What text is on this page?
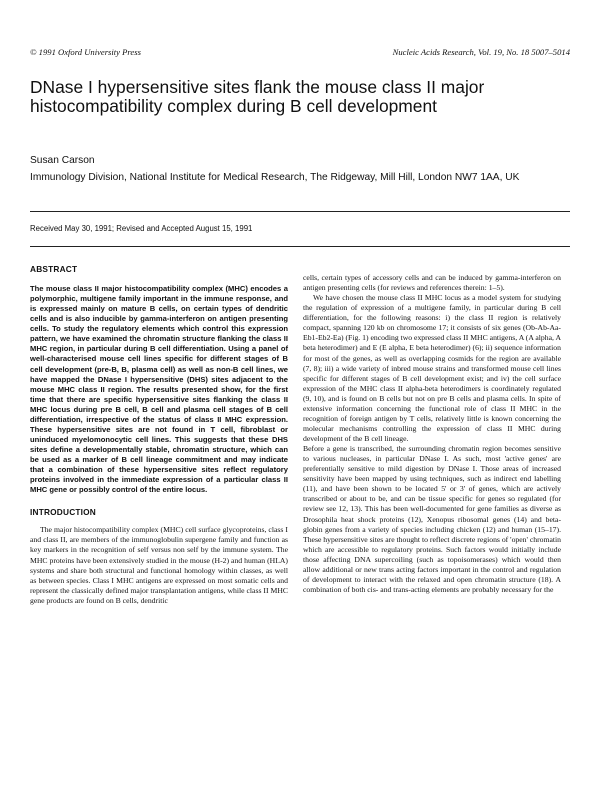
© 1991 Oxford University Press	Nucleic Acids Research, Vol. 19, No. 18 5007–5014
DNase I hypersensitive sites flank the mouse class II major histocompatibility complex during B cell development
Susan Carson
Immunology Division, National Institute for Medical Research, The Ridgeway, Mill Hill, London NW7 1AA, UK
Received May 30, 1991; Revised and Accepted August 15, 1991
ABSTRACT

The mouse class II major histocompatibility complex (MHC) encodes a polymorphic, multigene family important in the immune response, and is expressed mainly on mature B cells, on certain types of dendritic cells and is also inducible by gamma-interferon on antigen presenting cells. To study the regulatory elements which control this expression pattern, we have examined the chromatin structure flanking the class II MHC region, in particular during B cell differentiation. Using a panel of well-characterised mouse cell lines specific for different stages of B cell development (pre-B, B, plasma cell) as well as non-B cell lines, we have mapped the DNase I hypersensitive (DHS) sites adjacent to the mouse MHC class II region. The results presented show, for the first time that there are specific hypersensitive sites flanking the class II MHC locus during pre B cell, B cell and plasma cell stages of B cell differentiation, irrespective of the status of class II MHC expression. These hypersensitive sites are not found in T cell, fibroblast or uninduced myelomonocytic cell lines. This suggests that these DHS sites define a developmentally stable, chromatin structure, which can be used as a marker of B cell lineage commitment and may indicate that a combination of these hypersensitive sites reflect regulatory proteins involved in the immediate expression of a particular class II MHC gene or possibly control of the entire locus.

INTRODUCTION

The major histocompatibility complex (MHC) cell surface glycoproteins, class I and class II, are members of the immunoglobulin supergene family and function as key markers in the recognition of self versus non self by the immune system. The MHC proteins have been extensively studied in the mouse (H-2) and human (HLA) systems and share both structural and functional homology within classes, as well as between species. Class I MHC antigens are expressed on most somatic cells and represent the classically defined major transplantation antigens, while class II MHC gene products are found on B cells, dendritic

cells, certain types of accessory cells and can be induced by gamma-interferon on antigen presenting cells (for reviews and references therein: 1–5).

We have chosen the mouse class II MHC locus as a model system for studying the regulation of expression of a multigene family, in particular during B cell differentiation, for the following reasons: i) the class II region is relatively compact, spanning 120 kb on chromosome 17; it consists of six genes (Ob-Ab-Aa-Eb1-Eb2-Ea) (Fig. 1) encoding two expressed class II MHC antigens, A (A alpha, A beta heterodimer) and E (E alpha, E beta heterodimer) (6); ii) sequence information for most of the genes, as well as overlapping cosmids for the region are available (7, 8); iii) a wide variety of inbred mouse strains and transformed mouse cell lines specific for different stages of B cell development exist; and iv) the cell surface expression of the MHC class II alpha-beta heterodimers is coordinately regulated (9, 10), and is found on B cells but not on pre B cells and plasma cells. In spite of extensive information concerning the functional role of class II MHC in the recognition of foreign antigen by T cells, relatively little is known concerning the molecular mechanisms controlling the expression of class II MHC during development of the B cell lineage.

Before a gene is transcribed, the surrounding chromatin region becomes sensitive to various nucleases, in particular DNase I. As such, most 'active genes' are preferentially sensitive to mild digestion by DNase I. Those areas of increased sensitivity have been mapped by using techniques, such as indirect end labelling (11), and have been shown to be located 5' or 3' of genes, which are actively transcribed or about to be, and can be tissue specific for genes so regulated (for review see 12, 13). This has been well-documented for gene families as diverse as Drosophila heat shock proteins (12), Xenopus ribosomal genes (14) and beta-globin genes from a variety of species including chicken (12) and human (15–17). These hypersensitive sites are thought to reflect discrete regions of 'open' chromatin which are accessible to regulatory proteins. Such factors would initially include those affecting DNA supercoiling (such as topoisomerases) which would then allow additional or new trans acting factors important in the control and regulation of development to interact with the relaxed and open chromatin structure (18). A combination of both cis- and trans-acting elements are probably necessary for the
